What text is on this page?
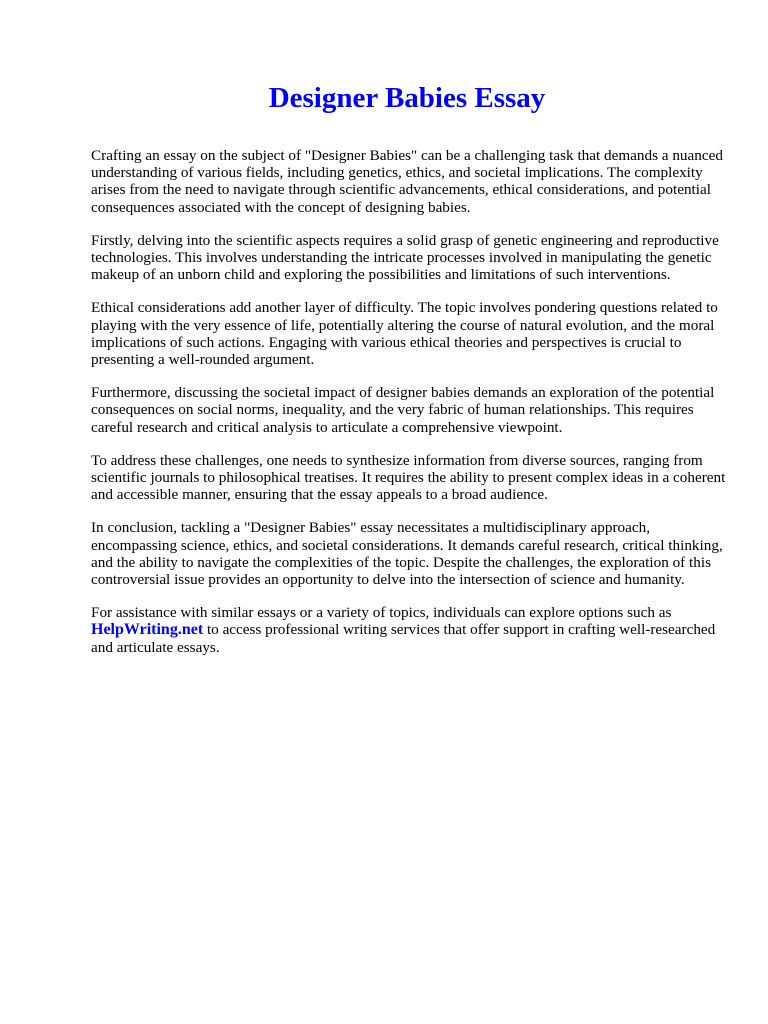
Designer Babies Essay

Crafting an essay on the subject of "Designer Babies" can be a challenging task that demands a nuanced understanding of various fields, including genetics, ethics, and societal implications. The complexity arises from the need to navigate through scientific advancements, ethical considerations, and potential consequences associated with the concept of designing babies.

Firstly, delving into the scientific aspects requires a solid grasp of genetic engineering and reproductive technologies. This involves understanding the intricate processes involved in manipulating the genetic makeup of an unborn child and exploring the possibilities and limitations of such interventions.

Ethical considerations add another layer of difficulty. The topic involves pondering questions related to playing with the very essence of life, potentially altering the course of natural evolution, and the moral implications of such actions. Engaging with various ethical theories and perspectives is crucial to presenting a well-rounded argument.

Furthermore, discussing the societal impact of designer babies demands an exploration of the potential consequences on social norms, inequality, and the very fabric of human relationships. This requires careful research and critical analysis to articulate a comprehensive viewpoint.

To address these challenges, one needs to synthesize information from diverse sources, ranging from scientific journals to philosophical treatises. It requires the ability to present complex ideas in a coherent and accessible manner, ensuring that the essay appeals to a broad audience.

In conclusion, tackling a "Designer Babies" essay necessitates a multidisciplinary approach, encompassing science, ethics, and societal considerations. It demands careful research, critical thinking, and the ability to navigate the complexities of the topic. Despite the challenges, the exploration of this controversial issue provides an opportunity to delve into the intersection of science and humanity.

For assistance with similar essays or a variety of topics, individuals can explore options such as HelpWriting.net to access professional writing services that offer support in crafting well-researched and articulate essays.
